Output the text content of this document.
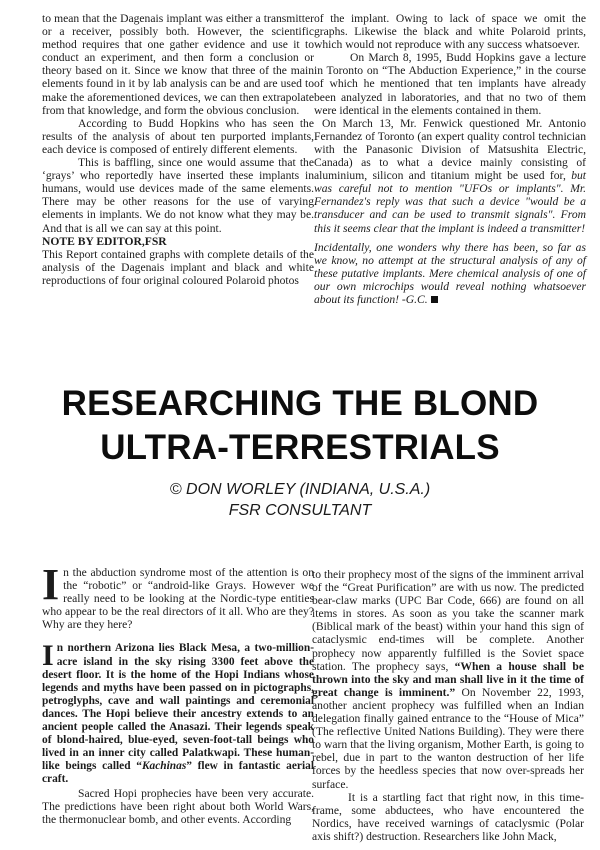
to mean that the Dagenais implant was either a transmitter or a receiver, possibly both. However, the scientific method requires that one gather evidence and use it to conduct an experiment, and then form a conclusion or theory based on it. Since we know that three of the main elements found in it by lab analysis can be and are used to make the aforementioned devices, we can then extrapolate from that knowledge, and form the obvious conclusion.

According to Budd Hopkins who has seen the results of the analysis of about ten purported implants, each device is composed of entirely different elements.

This is baffling, since one would assume that the ‘grays’ who reportedly have inserted these implants in humans, would use devices made of the same elements. There may be other reasons for the use of varying elements in implants. We do not know what they may be. And that is all we can say at this point.

NOTE BY EDITOR,FSR

This Report contained graphs with complete details of the analysis of the Dagenais implant and black and white reproductions of four original coloured Polaroid photos

of the implant. Owing to lack of space we omit the graphs. Likewise the black and white Polaroid prints, which would not reproduce with any success whatsoever.

On March 8, 1995, Budd Hopkins gave a lecture in Toronto on “The Abduction Experience,” in the course of which he mentioned that ten implants have already been analyzed in laboratories, and that no two of them were identical in the elements contained in them.

On March 13, Mr. Fenwick questioned Mr. Antonio Fernandez of Toronto (an expert quality control technician with the Panasonic Division of Matsushita Electric, Canada) as to what a device mainly consisting of aluminium, silicon and titanium might be used for, but was careful not to mention "UFOs or implants". Mr. Fernandez's reply was that such a device "would be a transducer and can be used to transmit signals". From this it seems clear that the implant is indeed a transmitter!

Incidentally, one wonders why there has been, so far as we know, no attempt at the structural analysis of any of these putative implants. Mere chemical analysis of one of our own microchips would reveal nothing whatsoever about its function! -G.C.

RESEARCHING THE BLOND
ULTRA-TERRESTRIALS
© DON WORLEY (INDIANA, U.S.A.)
FSR CONSULTANT

In the abduction syndrome most of the attention is on the “robotic” or “android-like Grays. However we really need to be looking at the Nordic-type entities who appear to be the real directors of it all. Who are they? Why are they here?

In northern Arizona lies Black Mesa, a two-million-acre island in the sky rising 3300 feet above the desert floor. It is the home of the Hopi Indians whose legends and myths have been passed on in pictographs, petroglyphs, cave and wall paintings and ceremonial dances. The Hopi believe their ancestry extends to an ancient people called the Anasazi. Their legends speak of blond-haired, blue-eyed, seven-foot-tall beings who lived in an inner city called Palatkwapi. These human-like beings called “Kachinas” flew in fantastic aerial craft.

Sacred Hopi prophecies have been very accurate. The predictions have been right about both World Wars, the thermonuclear bomb, and other events. According

to their prophecy most of the signs of the imminent arrival of the “Great Purification” are with us now. The predicted bear-claw marks (UPC Bar Code, 666) are found on all items in stores. As soon as you take the scanner mark (Biblical mark of the beast) within your hand this sign of cataclysmic end-times will be complete. Another prophecy now apparently fulfilled is the Soviet space station. The prophecy says, “When a house shall be thrown into the sky and man shall live in it the time of great change is imminent.” On November 22, 1993, another ancient prophecy was fulfilled when an Indian delegation finally gained entrance to the “House of Mica” (The reflective United Nations Building). They were there to warn that the living organism, Mother Earth, is going to rebel, due in part to the wanton destruction of her life forces by the heedless species that now over-spreads her surface.

It is a startling fact that right now, in this time-frame, some abductees, who have encountered the Nordics, have received warnings of cataclysmic (Polar axis shift?) destruction. Researchers like John Mack,
